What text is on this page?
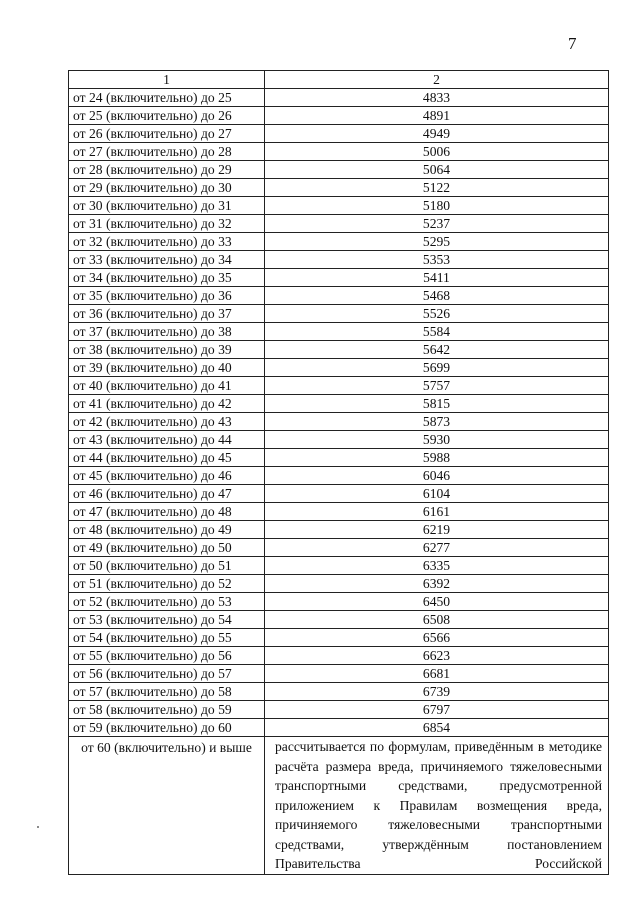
7
1	2
от 24 (включительно) до 25	4833
от 25 (включительно) до 26	4891
от 26 (включительно) до 27	4949
от 27 (включительно) до 28	5006
от 28 (включительно) до 29	5064
от 29 (включительно) до 30	5122
от 30 (включительно) до 31	5180
от 31 (включительно) до 32	5237
от 32 (включительно) до 33	5295
от 33 (включительно) до 34	5353
от 34 (включительно) до 35	5411
от 35 (включительно) до 36	5468
от 36 (включительно) до 37	5526
от 37 (включительно) до 38	5584
от 38 (включительно) до 39	5642
от 39 (включительно) до 40	5699
от 40 (включительно) до 41	5757
от 41 (включительно) до 42	5815
от 42 (включительно) до 43	5873
от 43 (включительно) до 44	5930
от 44 (включительно) до 45	5988
от 45 (включительно) до 46	6046
от 46 (включительно) до 47	6104
от 47 (включительно) до 48	6161
от 48 (включительно) до 49	6219
от 49 (включительно) до 50	6277
от 50 (включительно) до 51	6335
от 51 (включительно) до 52	6392
от 52 (включительно) до 53	6450
от 53 (включительно) до 54	6508
от 54 (включительно) до 55	6566
от 55 (включительно) до 56	6623
от 56 (включительно) до 57	6681
от 57 (включительно) до 58	6739
от 58 (включительно) до 59	6797
от 59 (включительно) до 60	6854
от 60 (включительно) и выше	рассчитывается по формулам, приведённым в методике расчёта размера вреда, причиняемого тяжеловесными транспортными средствами, предусмотренной приложением к Правилам возмещения вреда, причиняемого тяжеловесными транспортными средствами, утверждённым постановлением Правительства Российской
